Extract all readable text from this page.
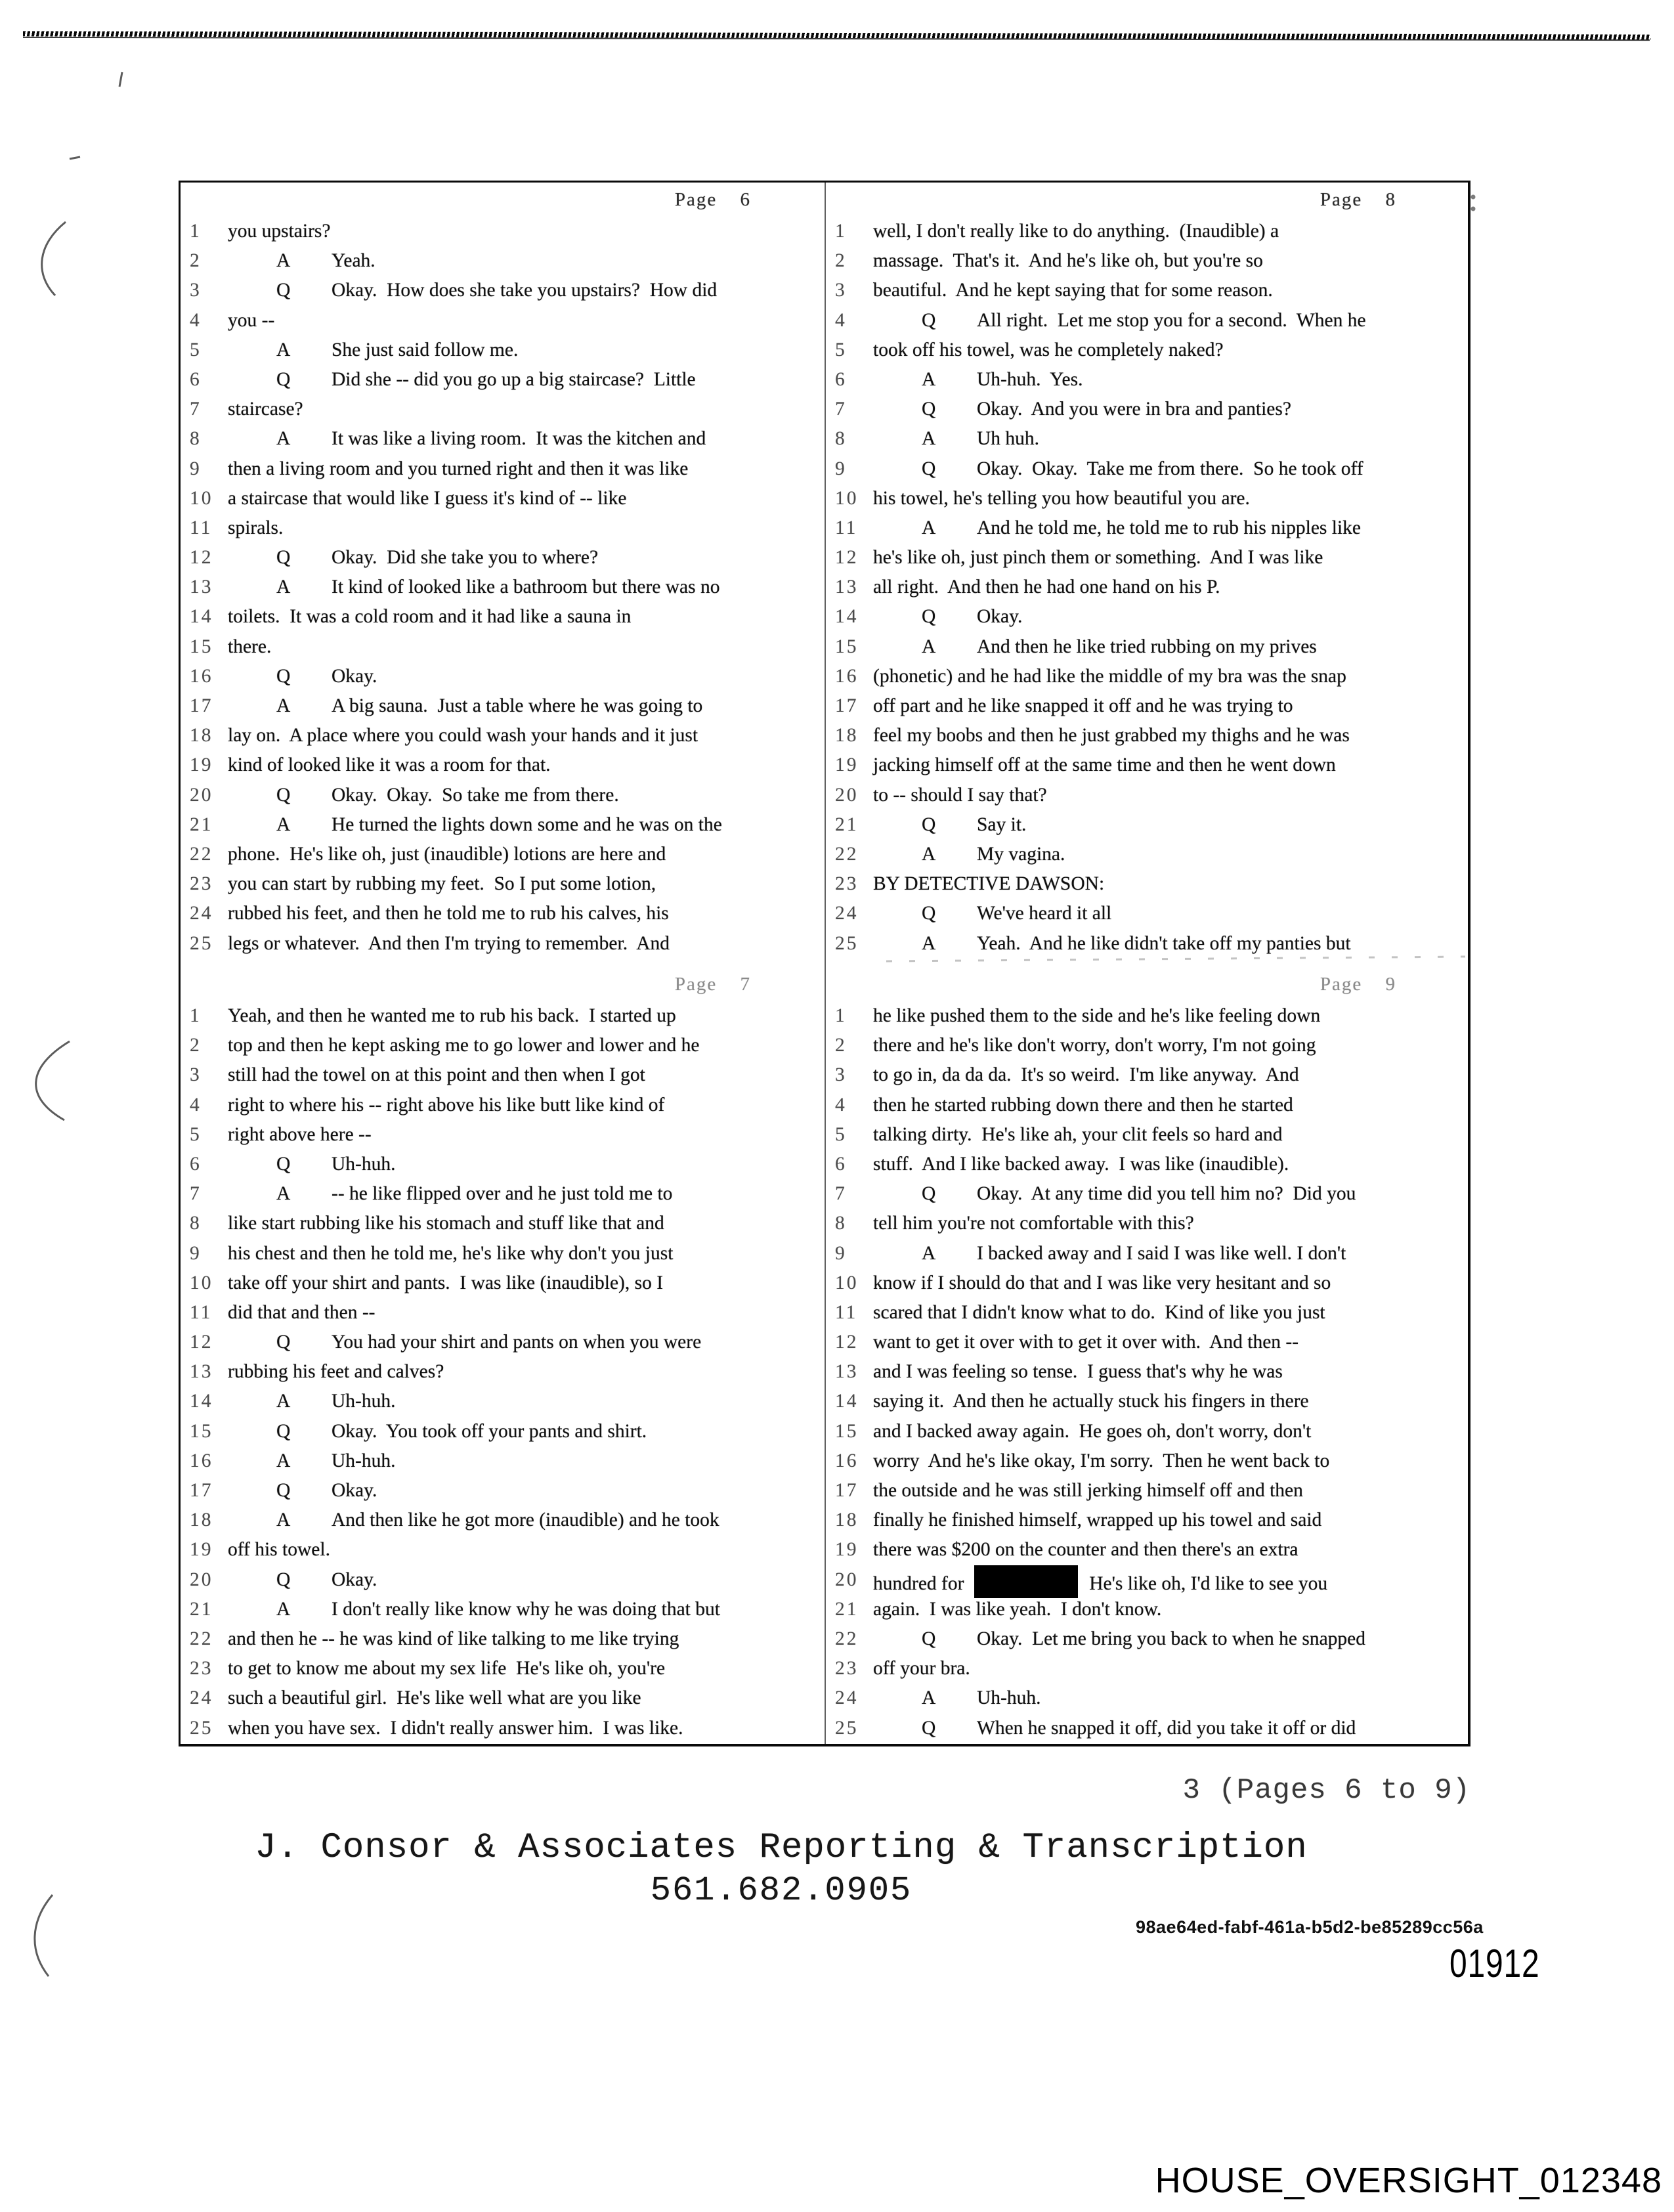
Page 6
1	you upstairs?
2	A Yeah.
3	Q Okay.  How does she take you upstairs?  How did
4	you --
5	A She just said follow me.
6	Q Did she -- did you go up a big staircase?  Little
7	staircase?
8	A It was like a living room.  It was the kitchen and
9	then a living room and you turned right and then it was like
10 a staircase that would like I guess it's kind of -- like
11 spirals.
12	Q Okay.  Did she take you to where?
13	A It kind of looked like a bathroom but there was no
14 toilets.  It was a cold room and it had like a sauna in
15 there.
16	Q Okay.
17	A A big sauna.  Just a table where he was going to
18 lay on.  A place where you could wash your hands and it just
19 kind of looked like it was a room for that.
20	Q Okay.  Okay.  So take me from there.
21	A He turned the lights down some and he was on the
22 phone.  He's like oh, just (inaudible) lotions are here and
23 you can start by rubbing my feet.  So I put some lotion,
24 rubbed his feet, and then he told me to rub his calves, his
25 legs or whatever.  And then I'm trying to remember.  And
Page 8
1	well, I don't really like to do anything.  (Inaudible) a
2	massage.  That's it.  And he's like oh, but you're so
3	beautiful.  And he kept saying that for some reason.
4	Q All right.  Let me stop you for a second.  When he
5	took off his towel, was he completely naked?
6	A Uh-huh.  Yes.
7	Q Okay.  And you were in bra and panties?
8	A Uh huh.
9	Q Okay.  Okay.  Take me from there.  So he took off
10 his towel, he's telling you how beautiful you are.
11	A And he told me, he told me to rub his nipples like
12 he's like oh, just pinch them or something.  And I was like
13 all right.  And then he had one hand on his P.
14	Q Okay.
15	A And then he like tried rubbing on my prives
16 (phonetic) and he had like the middle of my bra was the snap
17 off part and he like snapped it off and he was trying to
18 feel my boobs and then he just grabbed my thighs and he was
19 jacking himself off at the same time and then he went down
20 to -- should I say that?
21	Q Say it.
22	A My vagina.
23 BY DETECTIVE DAWSON:
24	Q We've heard it all
25	A Yeah.  And he like didn't take off my panties but
Page 7
1	Yeah, and then he wanted me to rub his back.  I started up
2	top and then he kept asking me to go lower and lower and he
3	still had the towel on at this point and then when I got
4	right to where his -- right above his like butt like kind of
5	right above here --
6	Q Uh-huh.
7	A -- he like flipped over and he just told me to
8	like start rubbing like his stomach and stuff like that and
9	his chest and then he told me, he's like why don't you just
10 take off your shirt and pants.  I was like (inaudible), so I
11 did that and then --
12	Q You had your shirt and pants on when you were
13 rubbing his feet and calves?
14	A Uh-huh.
15	Q Okay.  You took off your pants and shirt.
16	A Uh-huh.
17	Q Okay.
18	A And then like he got more (inaudible) and he took
19 off his towel.
20	Q Okay.
21	A I don't really like know why he was doing that but
22 and then he -- he was kind of like talking to me like trying
23 to get to know me about my sex life  He's like oh, you're
24 such a beautiful girl.  He's like well what are you like
25 when you have sex.  I didn't really answer him.  I was like.
Page 9
1	he like pushed them to the side and he's like feeling down
2	there and he's like don't worry, don't worry, I'm not going
3	to go in, da da da.  It's so weird.  I'm like anyway.  And
4	then he started rubbing down there and then he started
5	talking dirty.  He's like ah, your clit feels so hard and
6	stuff.  And I like backed away.  I was like (inaudible).
7	Q Okay.  At any time did you tell him no?  Did you
8	tell him you're not comfortable with this?
9	A I backed away and I said I was like well. I don't
10 know if I should do that and I was like very hesitant and so
11 scared that I didn't know what to do.  Kind of like you just
12 want to get it over with to get it over with.  And then --
13 and I was feeling so tense.  I guess that's why he was
14 saying it.  And then he actually stuck his fingers in there
15 and I backed away again.  He goes oh, don't worry, don't
16 worry  And he's like okay, I'm sorry.  Then he went back to
17 the outside and he was still jerking himself off and then
18 finally he finished himself, wrapped up his towel and said
19 there was $200 on the counter and then there's an extra
20 hundred for	He's like oh, I'd like to see you
21 again.  I was like yeah.  I don't know.
22	Q Okay.  Let me bring you back to when he snapped
23 off your bra.
24	A Uh-huh.
25	Q When he snapped it off, did you take it off or did
3 (Pages 6 to 9)
J. Consor & Associates Reporting & Transcription
561.682.0905
98ae64ed-fabf-461a-b5d2-be85289cc56a
01912
HOUSE_OVERSIGHT_012348
